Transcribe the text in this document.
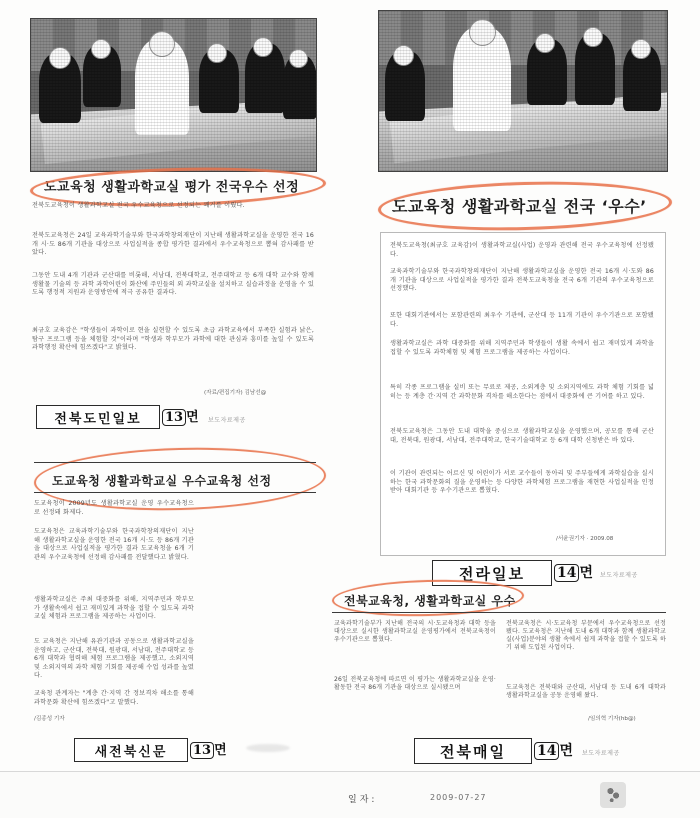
도교육청 생활과학교실 평가 전국우수 선정
전북도교육청이 생활과학교실 전국 우수교육청으로 선정되는 쾌거를 이뤘다.
전북도교육청은 24일 교육과학기술부와 한국과학창의재단이 지난해 생활과학교실을 운영한 전국 16개 시·도 86개 기관을 대상으로 사업실적을 종합 평가한 결과에서 우수교육청으로 뽑혀 감사패를 받았다.
그동안 도내 4개 기관과 군산대를 비롯해, 서남대, 전북대학교, 전주대학교 등 6개 대학 교수와 함께 생활물 기술의 등 과학 과학어린이 화산에 주민들의 외 과학교실을 설치하고 실습과정을 운영을 수 있도록 행정적 지원과 운영방안에 적극 공유한 결과다.
최규호 교육감은 "학생들이 과학이로 현을 실현할 수 있도록 초급 과학교육에서 부족한 실험과 낡은, 탐구 프로그램 등을 체험할 것"이라며 "학생과 학부모가 과학에 대한 관심과 흥미를 높일 수 있도록 과학행정 확산에 힘쓰겠다"고 밝혔다.
(자료/편집기자) 김남선@
전북도민일보	13 면 보도자료제공
도교육청 생활과학교실 우수교육청 선정
도교육청이 2009년도 생활과학교실 운영 우수교육청으로 선정돼 화제다.
도교육청은 교육과학기술부와 한국과학창의재단이 지난해 생활과학교실을 운영한 전국 16개 시·도 등 86개 기관을 대상으로 사업실적을 평가한 결과 도교육청을 6개 기관의 우수교육청에 선정해 감사패를 전달했다고 밝혔다.
생활과학교실은 주최 대중화를 위해, 지역주민과 학부모가 생활속에서 쉽고 재미있게 과학을 접할 수 있도록 과학교실 체험과 프로그램을 제공하는 사업이다.
도 교육청은 지난해 유관기관과 공동으로 생활과학교실을 운영하고, 군산대, 전북대, 원광대, 서남대, 전주대학교 등 6개 대학과 협력해 체험 프로그램을 제공했고, 소외지역 및 소외지역의 과학 체험 기회를 제공해 수업 성과를 높였다.
교육청 관계자는 "계층 간·지역 간 정보격차 해소를 통해 과학문화 확산에 힘쓰겠다"고 말했다.
/김종성 기자
새전북신문	13 면
도교육청 생활과학교실 전국 ‘우수’
전북도교육청(최규호 교육감)이 생활과학교실(사업) 운영과 관련해 전국 우수교육청에 선정됐다.
교육과학기술부와 한국과학창의재단이 지난해 생활과학교실을 운영한 전국 16개 시·도와 86개 기관을 대상으로 사업실적을 평가한 결과 전북도교육청을 전국 6개 기관의 우수교육청으로 선정했다.
또한 대회기관에서는 포함관련의 최우수 기관에, 군산대 등 11개 기관이 우수기관으로 포함됐다.
생활과학교실은 과학 대중화를 위해 지역주민과 학생들이 생활 속에서 쉽고 재미있게 과학을 접할 수 있도록 과학체험 및 체험 프로그램을 제공하는 사업이다.
특히 각종 프로그램을 실비 또는 무료로 제공, 소외계층 및 소외지역에도 과학 체험 기회를 넓히는 등 계층 간·지역 간 과학문화 격차를 해소한다는 점에서 대중화에 큰 기여를 하고 있다.
전북도교육청은 그동안 도내 대학을 중심으로 생활과학교실을 운영했으며, 공모를 통해 군산대, 전북대, 원광대, 서남대, 전주대학교, 한국기술대학교 등 6개 대학 신청받은 바 있다.
이 기관이 관련되는 어르신 및 어린이가 서로 교수들이 동아리 및 주부들에게 과학실습을 실시하는 한국 과학문화의 질을 운영하는 등 다양한 과학체험 프로그램을 재현한 사업실적을 인정받아 대회기관 등 우수기관으로 뽑혔다.
/서윤권기자 · 2009.08
전라일보	14 면 보도자료제공
전북교육청, 생활과학교실 우수
교육과학기술부가 지난해 전국의 시·도교육청과 대학 등을 대상으로 실시한 생활과학교실 운영평가에서 전북교육청이 우수기관으로 뽑혔다.
26일 전북교육청에 따르면 이 평가는 생활과학교실을 운영·활동한 전국 86개 기관을 대상으로 실시됐으며
전북교육청은 시·도교육청 부문에서 우수교육청으로 선정됐다. 도교육청은 지난해 도내 6개 대학과 함께 생활과학교실(사업)분야의 생활 속에서 쉽게 과학을 접할 수 있도록 하기 위해 도입된 사업이다.
도교육청은 전북대와 군산대, 서남대 등 도내 6개 대학과 생활과학교실을 공동 운영해 왔다.
/임의혁 기자(hb@)
전북매일	14 면 보도자료제공
일자:	2009-07-27
